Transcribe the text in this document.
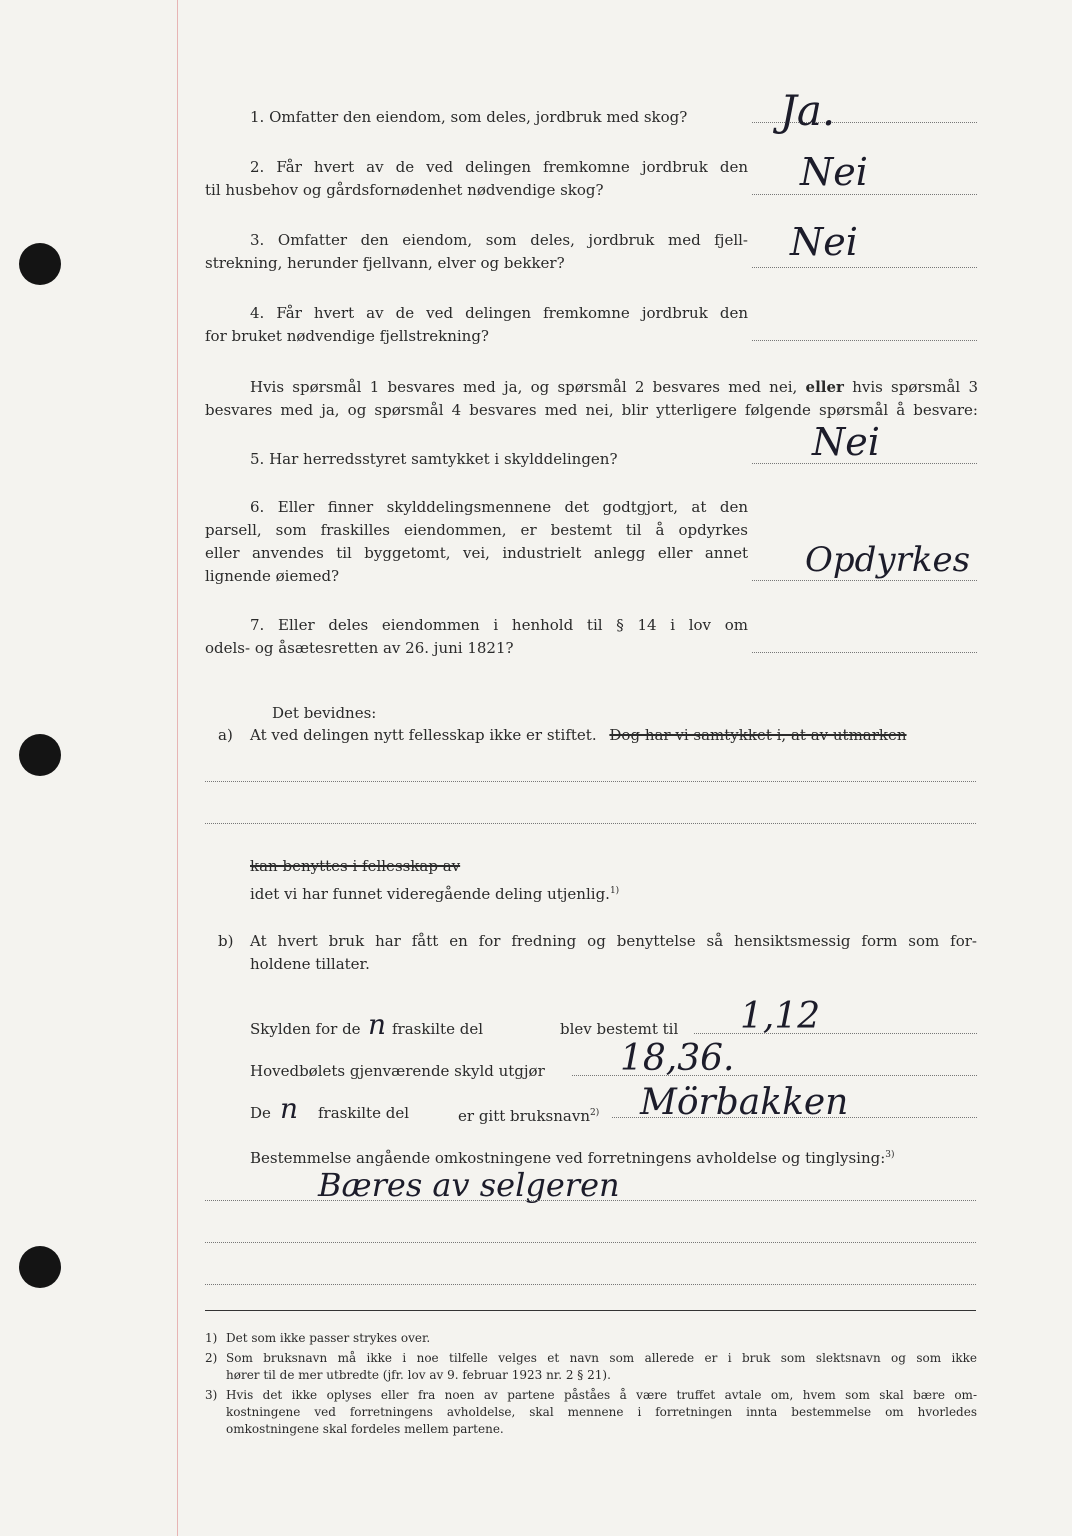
1. Omfatter den eiendom, som deles, jordbruk med skog? Ja.
2. Får hvert av de ved delingen fremkomne jordbruk den
til husbehov og gårdsfornødenhet nødvendige skog?	Nei
3. Omfatter den eiendom, som deles, jordbruk med fjell-
strekning, herunder fjellvann, elver og bekker?	Nei
4. Får hvert av de ved delingen fremkomne jordbruk den
for bruket nødvendige fjellstrekning?
Hvis spørsmål 1 besvares med ja, og spørsmål 2 besvares med nei, eller hvis spørsmål 3
besvares med ja, og spørsmål 4 besvares med nei, blir ytterligere følgende spørsmål å besvare:
5. Har herredsstyret samtykket i skylddelingen?	Nei
6. Eller finner skylddelingsmennene det godtgjort, at den
parsell, som fraskilles eiendommen, er bestemt til å opdyrkes
eller anvendes til byggetomt, vei, industrielt anlegg eller annet
lignende øiemed?	Opdyrkes
7. Eller deles eiendommen i henhold til § 14 i lov om
odels- og åsætesretten av 26. juni 1821?
Det bevidnes:
a) At ved delingen nytt fellesskap ikke er stiftet. Dog har vi samtykket i, at av utmarken
kan benyttes i fellesskap av
idet vi har funnet videregående deling utjenlig.$^{1)}$
b) At hvert bruk har fått en for fredning og benyttelse så hensiktsmessig form som for-
holdene tillater.
Skylden for de n fraskilte del	blev bestemt til 1,12
Hovedbølets gjenværende skyld utgjør 18,36.
De n fraskilte del	er gitt bruksnavn$^{2)}$ Mörbakken
Bestemmelse angående omkostningene ved forretningens avholdelse og tinglysing:$^{3)}$
Bæres av selgeren
1) Det som ikke passer strykes over.
2) Som bruksnavn må ikke i noe tilfelle velges et navn som allerede er i bruk som slektsnavn og som ikke
hører til de mer utbredte (jfr. lov av 9. februar 1923 nr. 2 § 21).
3) Hvis det ikke oplyses eller fra noen av partene påståes å være truffet avtale om, hvem som skal bære om-
kostningene ved forretningens avholdelse, skal mennene i forretningen inntа bestemmelse om hvorledes
omkostningene skal fordeles mellem partene.
